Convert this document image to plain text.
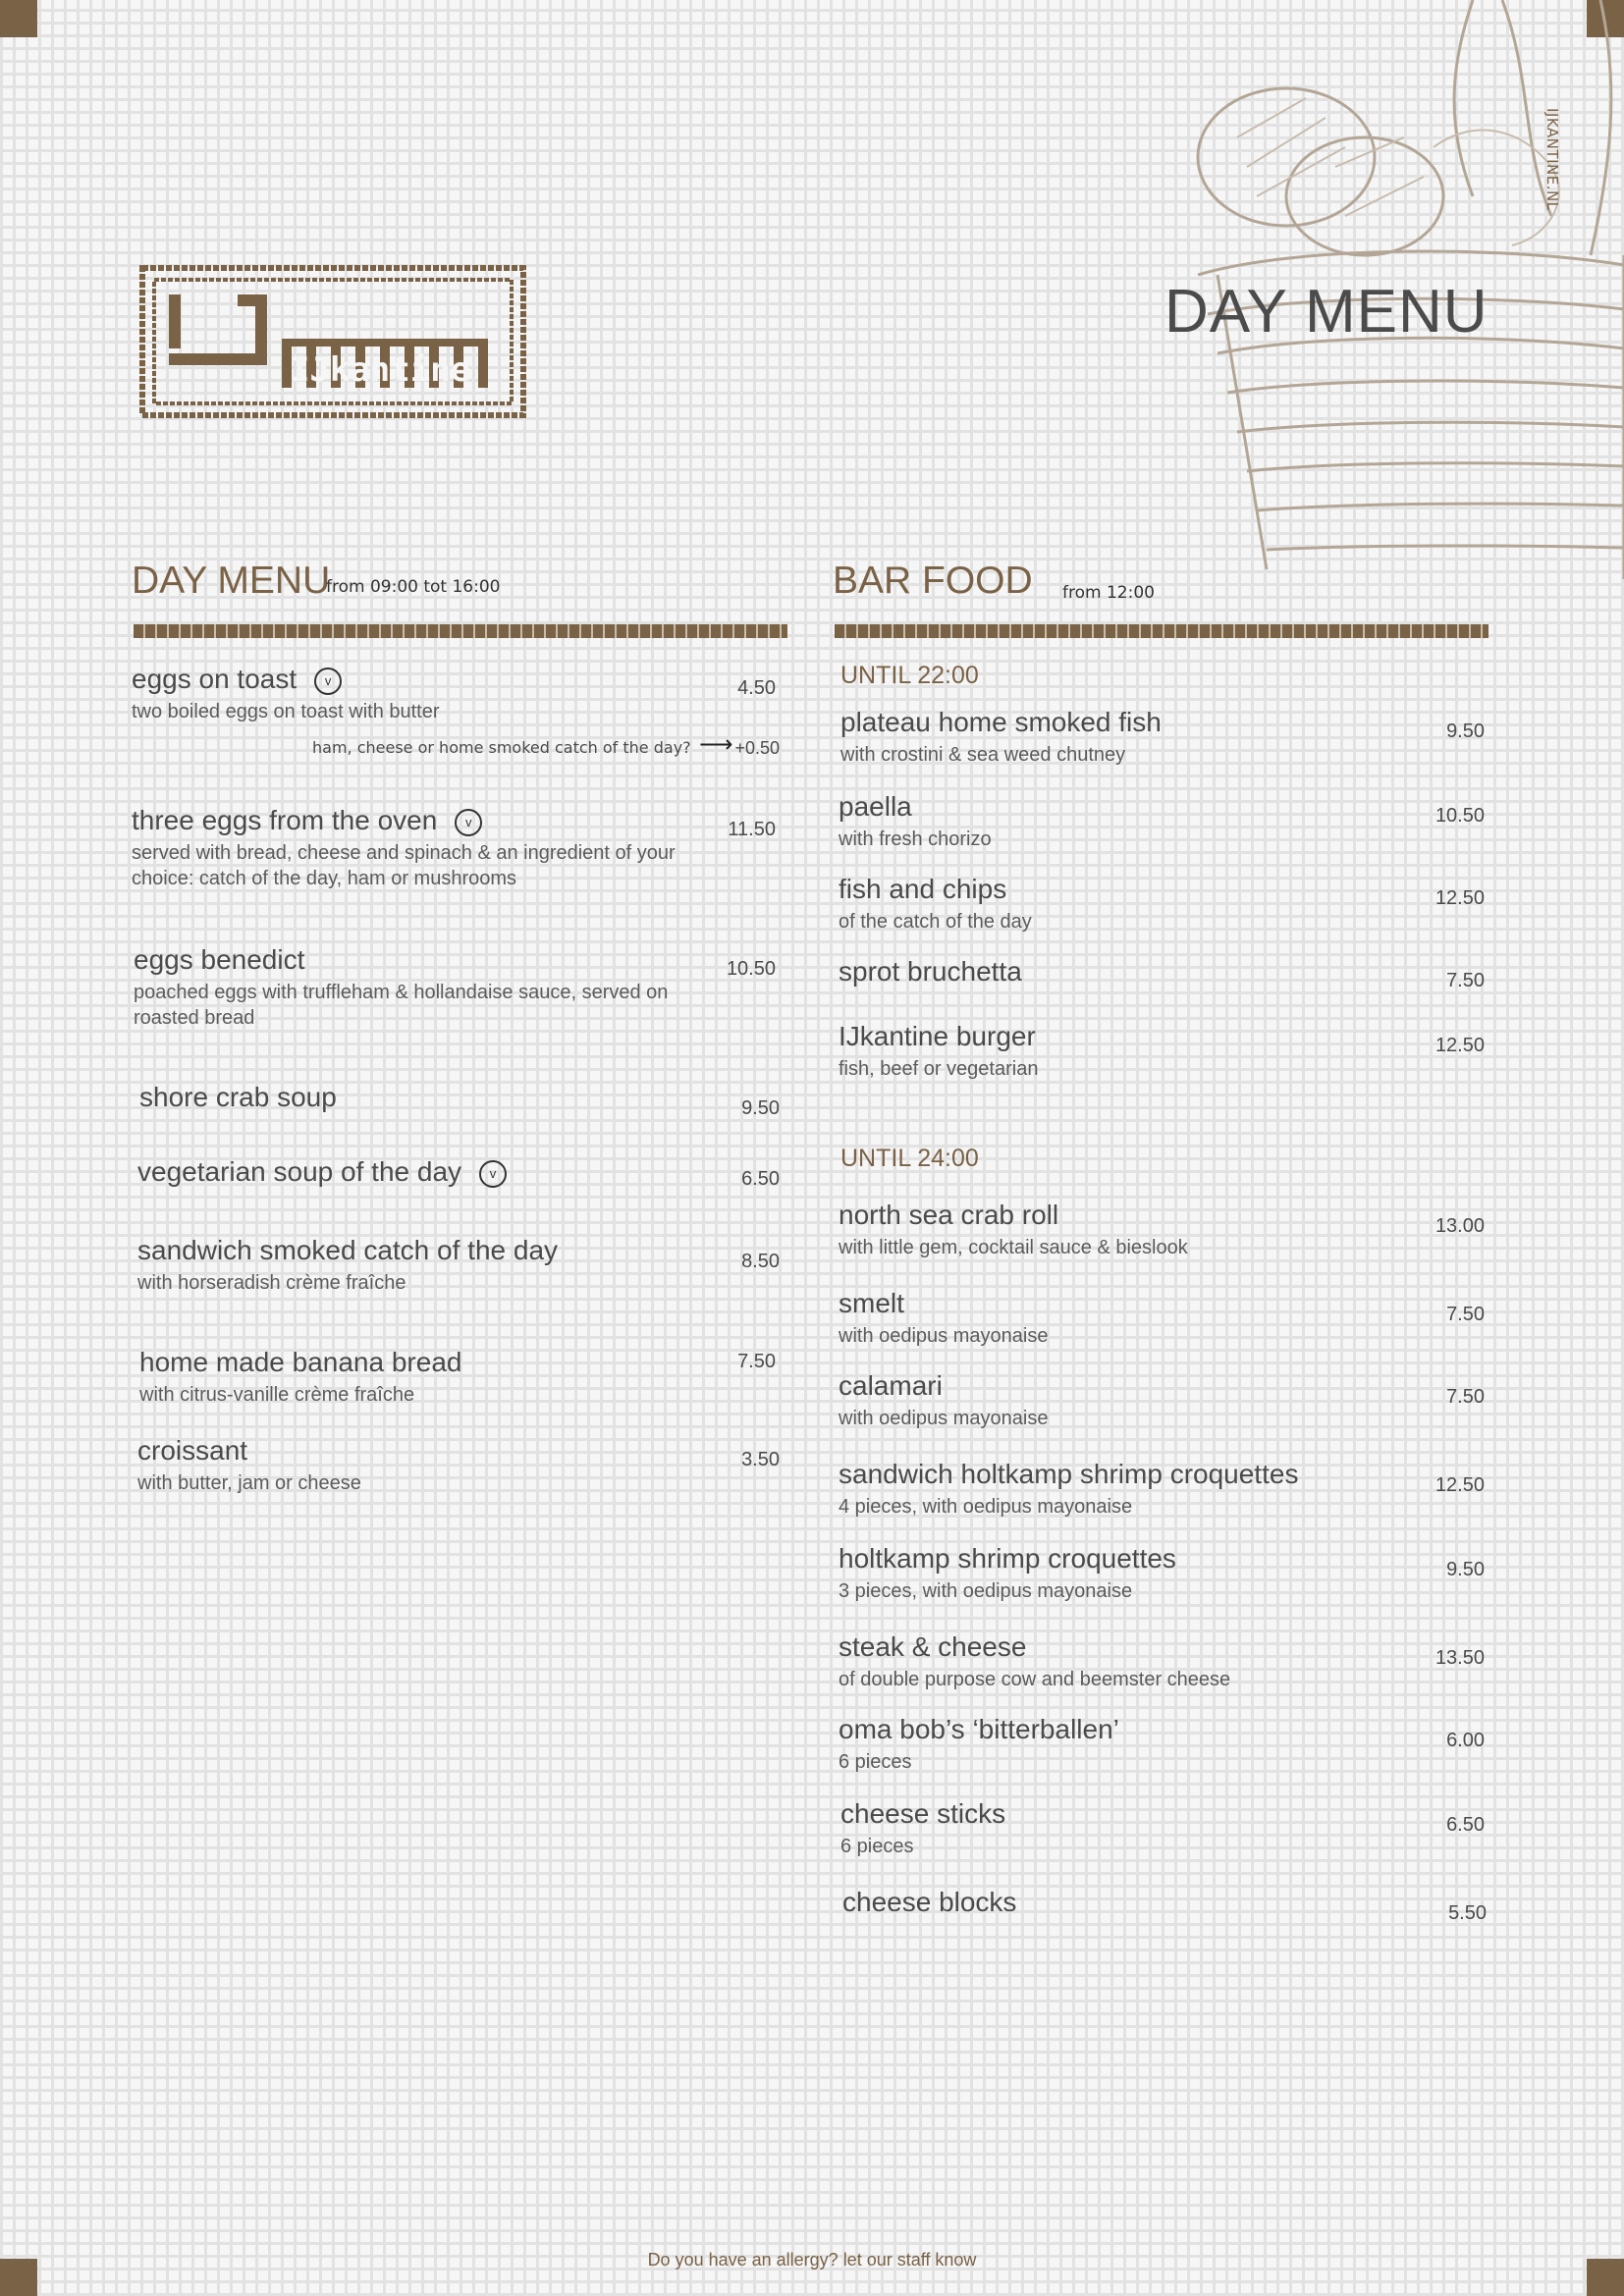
IJKANTINE.NL
IJkantine
DAY MENU
DAY MENU
from 09:00 tot 16:00
eggs on toast v
two boiled eggs on toast with butter
4.50
ham, cheese or home smoked catch of the day? ⟶ +0.50
three eggs from the oven v
served with bread, cheese and spinach & an ingredient of your choice: catch of the day, ham or mushrooms
11.50
eggs benedict
poached eggs with truffleham & hollandaise sauce, served on roasted bread
10.50
shore crab soup	9.50
vegetarian soup of the day v	6.50
sandwich smoked catch of the day
with horseradish crème fraîche
8.50
home made banana bread
with citrus-vanille crème fraîche
7.50
croissant
with butter, jam or cheese
3.50
BAR FOOD from 12:00
UNTIL 22:00
plateau home smoked fish
with crostini & sea weed chutney
9.50
paella
with fresh chorizo
10.50
fish and chips
of the catch of the day
12.50
sprot bruchetta	7.50
IJkantine burger
fish, beef or vegetarian
12.50
UNTIL 24:00
north sea crab roll
with little gem, cocktail sauce & bieslook
13.00
smelt
with oedipus mayonaise
7.50
calamari
with oedipus mayonaise
7.50
sandwich holtkamp shrimp croquettes
4 pieces, with oedipus mayonaise
12.50
holtkamp shrimp croquettes
3 pieces, with oedipus mayonaise
9.50
steak & cheese
of double purpose cow and beemster cheese
13.50
oma bob’s ‘bitterballen’
6 pieces
6.00
cheese sticks
6 pieces
6.50
cheese blocks	5.50
Do you have an allergy? let our staff know
